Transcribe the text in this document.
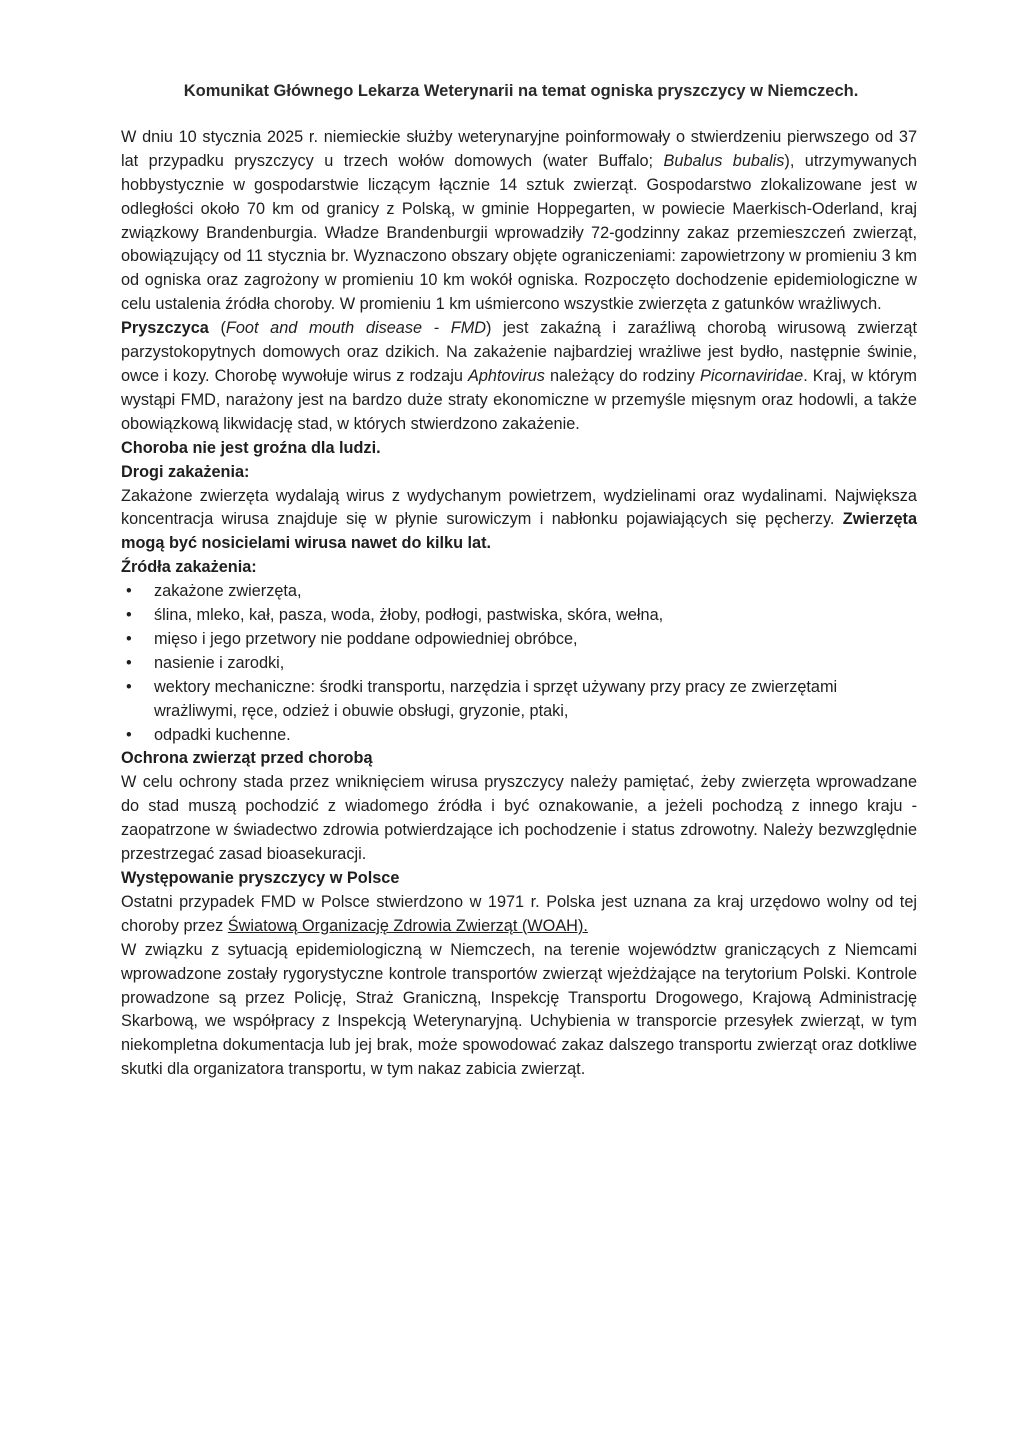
Komunikat Głównego Lekarza Weterynarii na temat ogniska pryszczycy w Niemczech.

W dniu 10 stycznia 2025 r. niemieckie służby weterynaryjne poinformowały o stwierdzeniu pierwszego od 37 lat przypadku pryszczycy u trzech wołów domowych (water Buffalo; Bubalus bubalis), utrzymywanych hobbystycznie w gospodarstwie liczącym łącznie 14 sztuk zwierząt. Gospodarstwo zlokalizowane jest w odległości około 70 km od granicy z Polską, w gminie Hoppegarten, w powiecie Maerkisch-Oderland, kraj związkowy Brandenburgia. Władze Brandenburgii wprowadziły 72-godzinny zakaz przemieszczeń zwierząt, obowiązujący od 11 stycznia br. Wyznaczono obszary objęte ograniczeniami: zapowietrzony w promieniu 3 km od ogniska oraz zagrożony w promieniu 10 km wokół ogniska. Rozpoczęto dochodzenie epidemiologiczne w celu ustalenia źródła choroby. W promieniu 1 km uśmiercono wszystkie zwierzęta z gatunków wrażliwych.

Pryszczyca (Foot and mouth disease - FMD) jest zakaźną i zaraźliwą chorobą wirusową zwierząt parzystokopytnych domowych oraz dzikich. Na zakażenie najbardziej wrażliwe jest bydło, następnie świnie, owce i kozy. Chorobę wywołuje wirus z rodzaju Aphtovirus należący do rodziny Picornaviridae. Kraj, w którym wystąpi FMD, narażony jest na bardzo duże straty ekonomiczne w przemyśle mięsnym oraz hodowli, a także obowiązkową likwidację stad, w których stwierdzono zakażenie.

Choroba nie jest groźna dla ludzi.
Drogi zakażenia:

Zakażone zwierzęta wydalają wirus z wydychanym powietrzem, wydzielinami oraz wydalinami. Największa koncentracja wirusa znajduje się w płynie surowiczym i nabłonku pojawiających się pęcherzy. Zwierzęta mogą być nosicielami wirusa nawet do kilku lat.

Źródła zakażenia:
• zakażone zwierzęta,
• ślina, mleko, kał, pasza, woda, żłoby, podłogi, pastwiska, skóra, wełna,
• mięso i jego przetwory nie poddane odpowiedniej obróbce,
• nasienie i zarodki,
• wektory mechaniczne: środki transportu, narzędzia i sprzęt używany przy pracy ze zwierzętami wrażliwymi, ręce, odzież i obuwie obsługi, gryzonie, ptaki,
• odpadki kuchenne.
Ochrona zwierząt przed chorobą

W celu ochrony stada przez wniknięciem wirusa pryszczycy należy pamiętać, żeby zwierzęta wprowadzane do stad muszą pochodzić z wiadomego źródła i być oznakowanie, a jeżeli pochodzą z innego kraju - zaopatrzone w świadectwo zdrowia potwierdzające ich pochodzenie i status zdrowotny. Należy bezwzględnie przestrzegać zasad bioasekuracji.

Występowanie pryszczycy w Polsce

Ostatni przypadek FMD w Polsce stwierdzono w 1971 r. Polska jest uznana za kraj urzędowo wolny od tej choroby przez Światową Organizację Zdrowia Zwierząt (WOAH).

W związku z sytuacją epidemiologiczną w Niemczech, na terenie województw graniczących z Niemcami wprowadzone zostały rygorystyczne kontrole transportów zwierząt wjeżdżające na terytorium Polski. Kontrole prowadzone są przez Policję, Straż Graniczną, Inspekcję Transportu Drogowego, Krajową Administrację Skarbową, we współpracy z Inspekcją Weterynaryjną. Uchybienia w transporcie przesyłek zwierząt, w tym niekompletna dokumentacja lub jej brak, może spowodować zakaz dalszego transportu zwierząt oraz dotkliwe skutki dla organizatora transportu, w tym nakaz zabicia zwierząt.
